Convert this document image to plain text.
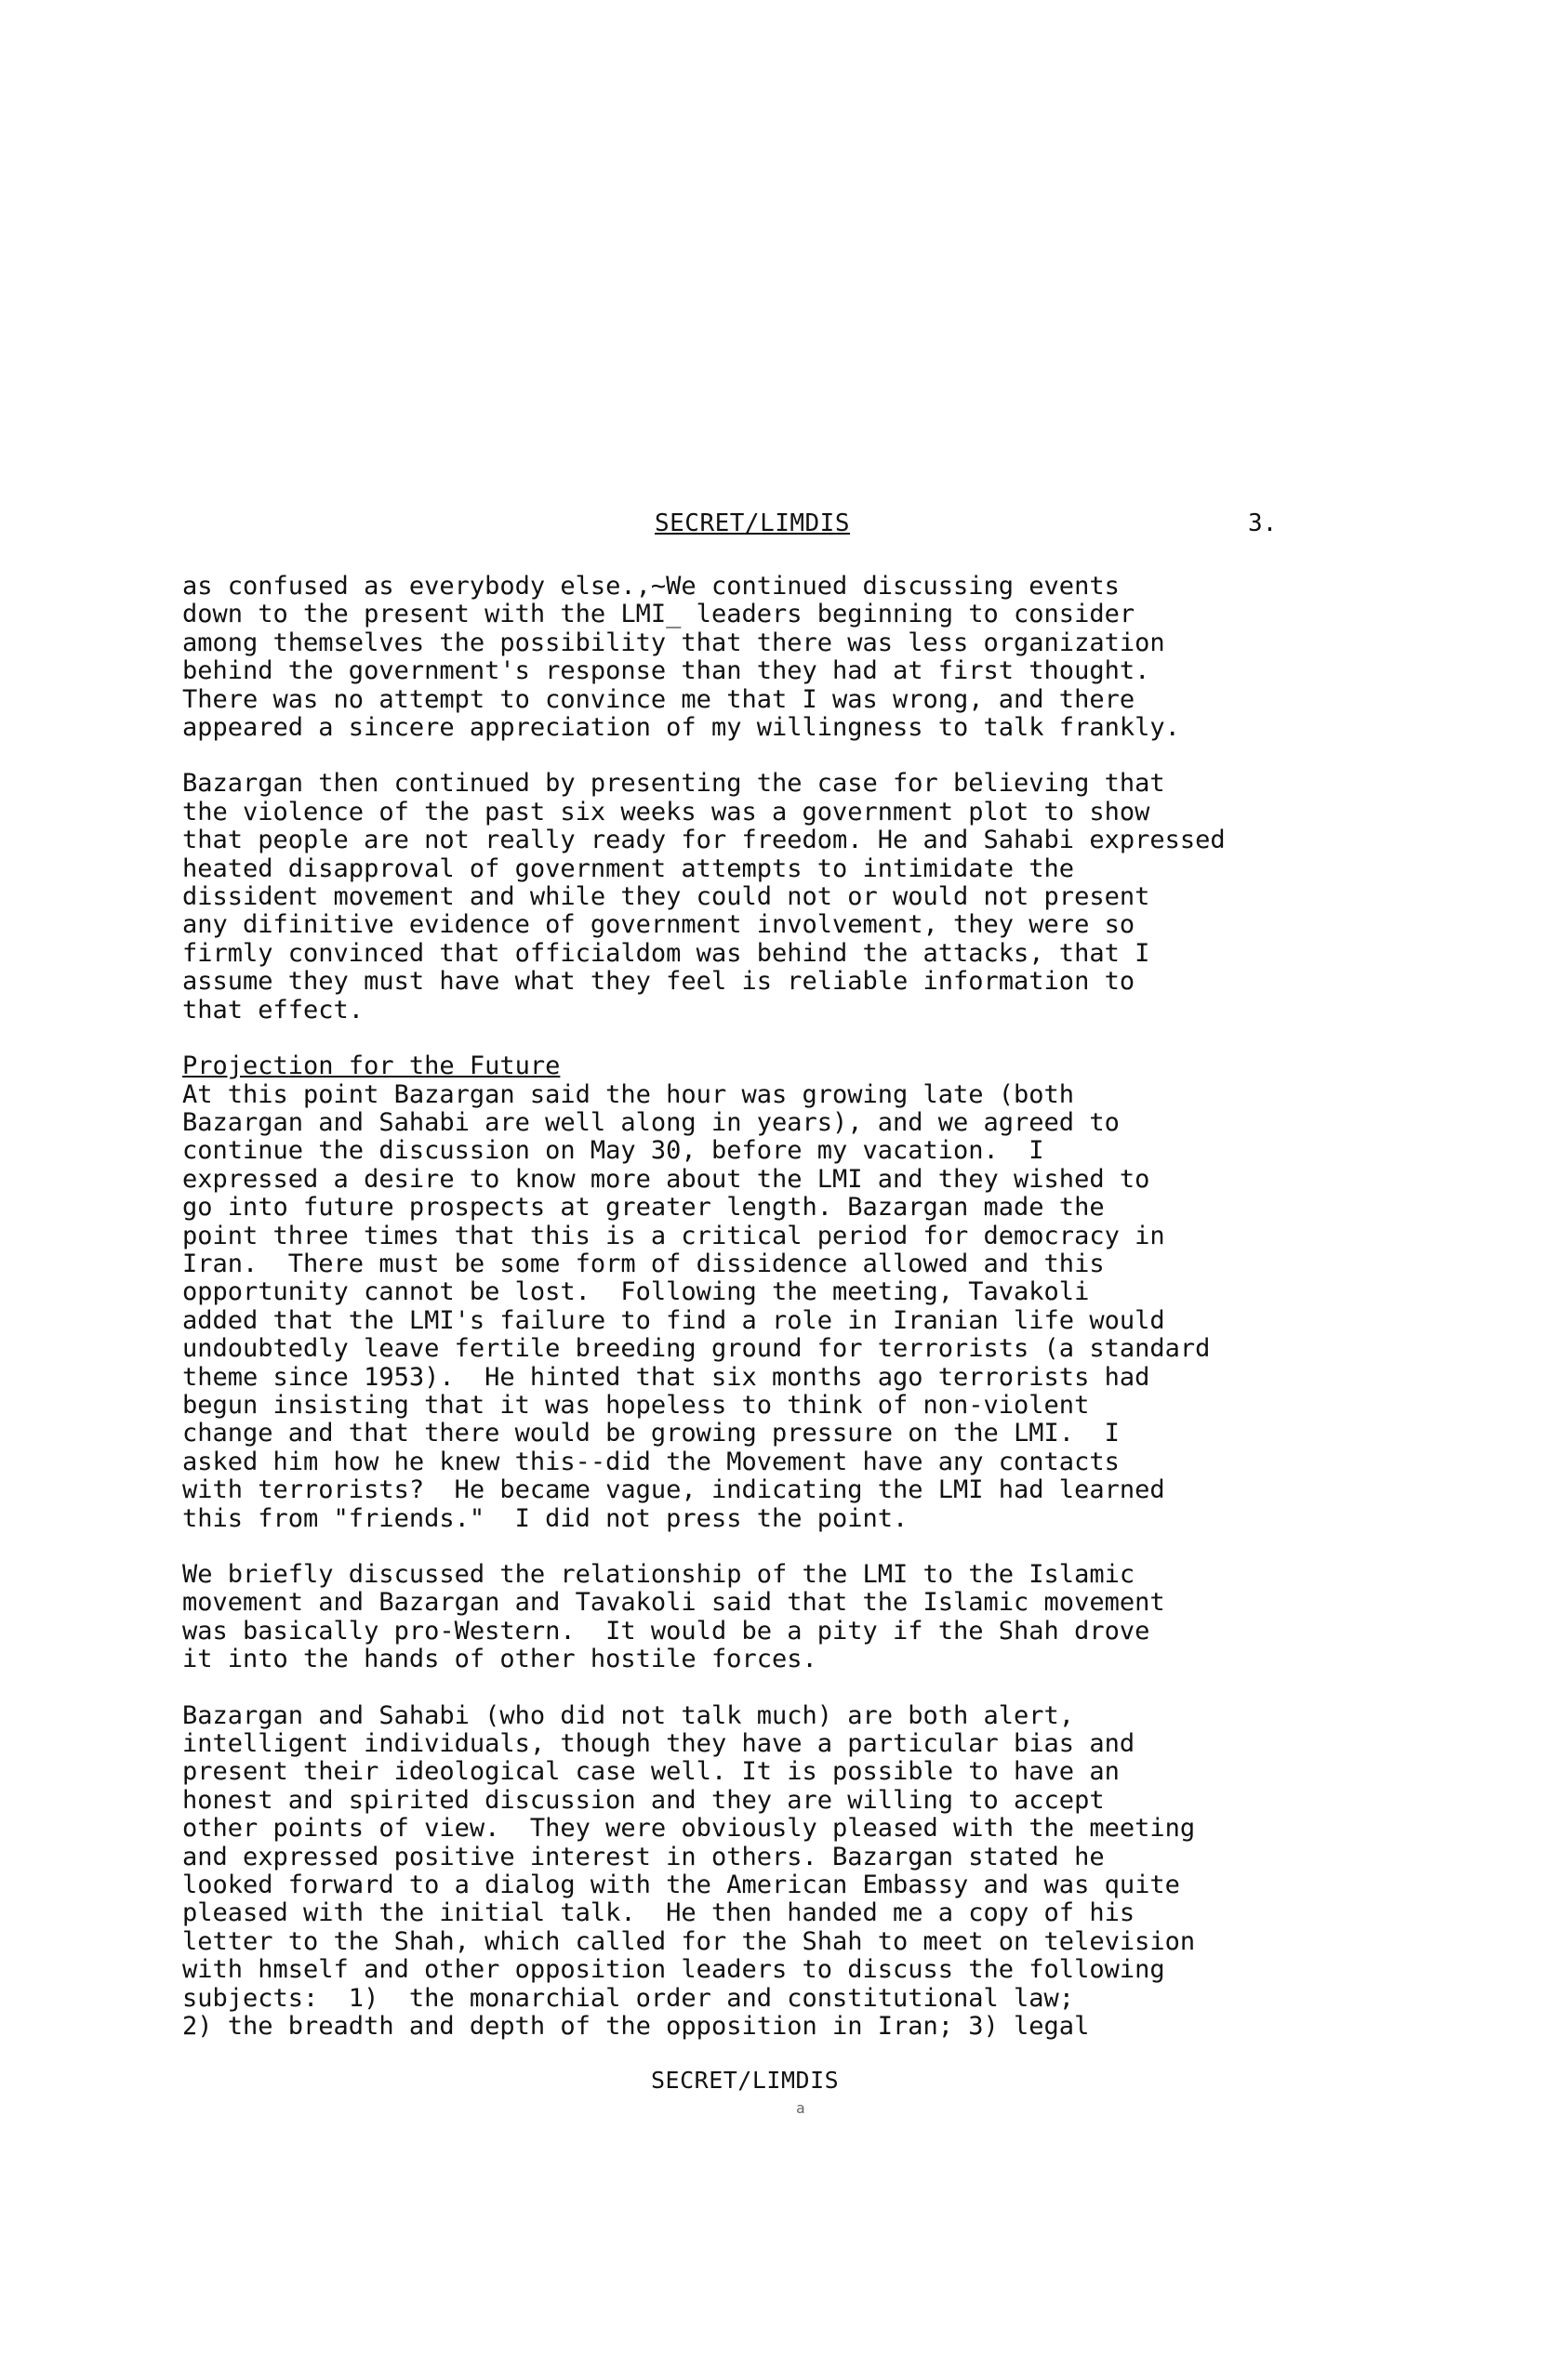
SECRET/LIMDIS	3.
as confused as everybody else.,~We continued discussing events
down to the present with the LMI_ leaders beginning to consider
among themselves the possibility that there was less organization
behind the government's response than they had at first thought.
There was no attempt to convince me that I was wrong, and there
appeared a sincere appreciation of my willingness to talk frankly.
Bazargan then continued by presenting the case for believing that
the violence of the past six weeks was a government plot to show
that people are not really ready for freedom. He and Sahabi expressed
heated disapproval of government attempts to intimidate the
dissident movement and while they could not or would not present
any difinitive evidence of government involvement, they were so
firmly convinced that officialdom was behind the attacks, that I
assume they must have what they feel is reliable information to
that effect.
Projection for the Future
At this point Bazargan said the hour was growing late (both
Bazargan and Sahabi are well along in years), and we agreed to
continue the discussion on May 30, before my vacation.  I
expressed a desire to know more about the LMI and they wished to
go into future prospects at greater length. Bazargan made the
point three times that this is a critical period for democracy in
Iran.  There must be some form of dissidence allowed and this
opportunity cannot be lost.  Following the meeting, Tavakoli
added that the LMI's failure to find a role in Iranian life would
undoubtedly leave fertile breeding ground for terrorists (a standard
theme since 1953).  He hinted that six months ago terrorists had
begun insisting that it was hopeless to think of non-violent
change and that there would be growing pressure on the LMI.  I
asked him how he knew this--did the Movement have any contacts
with terrorists?  He became vague, indicating the LMI had learned
this from "friends."  I did not press the point.
We briefly discussed the relationship of the LMI to the Islamic
movement and Bazargan and Tavakoli said that the Islamic movement
was basically pro-Western.  It would be a pity if the Shah drove
it into the hands of other hostile forces.
Bazargan and Sahabi (who did not talk much) are both alert,
intelligent individuals, though they have a particular bias and
present their ideological case well. It is possible to have an
honest and spirited discussion and they are willing to accept
other points of view.  They were obviously pleased with the meeting
and expressed positive interest in others. Bazargan stated he
looked forward to a dialog with the American Embassy and was quite
pleased with the initial talk.  He then handed me a copy of his
letter to the Shah, which called for the Shah to meet on television
with hmself and other opposition leaders to discuss the following
subjects:  1)  the monarchial order and constitutional law;
2) the breadth and depth of the opposition in Iran; 3) legal
SECRET/LIMDIS
a
